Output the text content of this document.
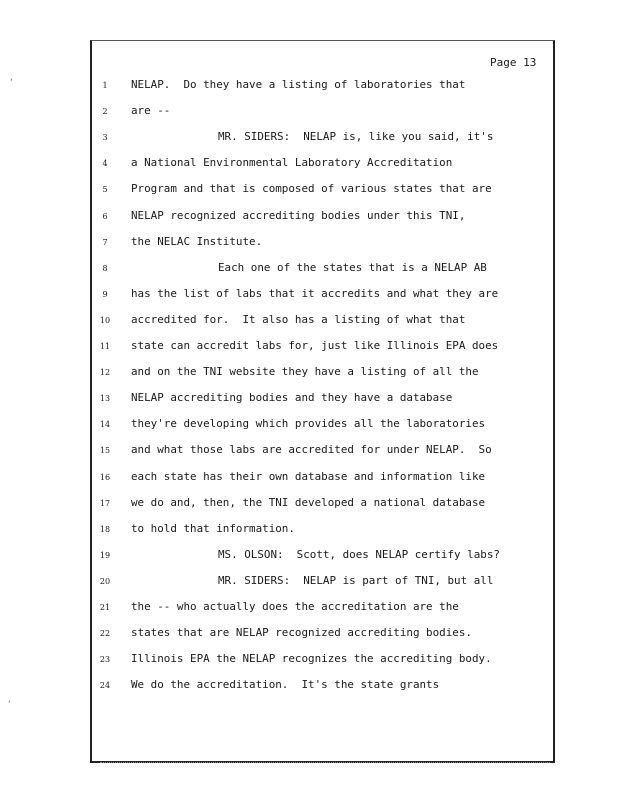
Page 13
1	NELAP.  Do they have a listing of laboratories that
2	are --
3	MR. SIDERS:  NELAP is, like you said, it's
4	a National Environmental Laboratory Accreditation
5	Program and that is composed of various states that are
6	NELAP recognized accrediting bodies under this TNI,
7	the NELAC Institute.
8	Each one of the states that is a NELAP AB
9	has the list of labs that it accredits and what they are
10 accredited for.  It also has a listing of what that
11 state can accredit labs for, just like Illinois EPA does
12 and on the TNI website they have a listing of all the
13 NELAP accrediting bodies and they have a database
14 they're developing which provides all the laboratories
15 and what those labs are accredited for under NELAP.  So
16 each state has their own database and information like
17 we do and, then, the TNI developed a national database
18 to hold that information.
19	MS. OLSON:  Scott, does NELAP certify labs?
20	MR. SIDERS:  NELAP is part of TNI, but all
21 the -- who actually does the accreditation are the
22 states that are NELAP recognized accrediting bodies.
23 Illinois EPA the NELAP recognizes the accrediting body.
24 We do the accreditation.  It's the state grants
‘
‘
